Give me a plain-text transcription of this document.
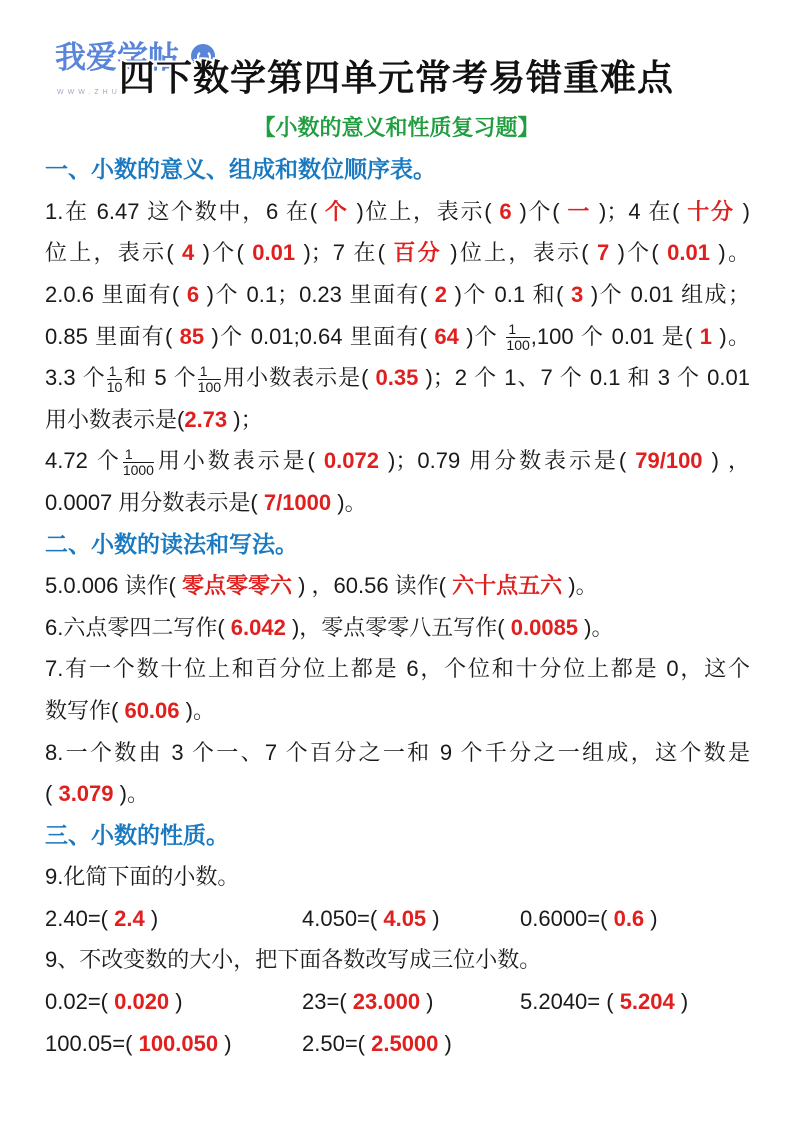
我爱学帖
WWW.ZHUI
四下数学第四单元常考易错重难点
【小数的意义和性质复习题】
一、小数的意义、组成和数位顺序表。
1.在 6.47 这个数中，6 在( 个 )位上，表示( 6 )个( 一 )；4 在( 十分 )
位上，表示( 4 )个( 0.01 )；7 在( 百分 )位上，表示( 7 )个( 0.01 )。
2.0.6 里面有( 6 )个 0.1；0.23 里面有( 2 )个 0.1 和( 3 )个 0.01 组成；
0.85 里面有( 85 )个 0.01;0.64 里面有( 64 )个 $\frac{1}{100} ,100$ 个 0.01 是( 1 )。
3.3 个 $\frac{1}{10}$ 和 5 个 $\frac{1}{100}$ 用小数表示是( 0.35 )；2 个 1、7 个 0.1 和 3 个 0.01
用小数表示是(2.73 )；
4.72 个 $\frac{1}{1000}$ 用小数表示是( 0.072 )；0.79 用分数表示是( 79/100 ) ，
0.0007 用分数表示是( 7/1000 )。
二、小数的读法和写法。
5.0.006 读作( 零点零零六 ) ，60.56 读作( 六十点五六 )。
6.六点零四二写作( 6.042 )，零点零零八五写作( 0.0085 )。
7.有一个数十位上和百分位上都是 6，个位和十分位上都是 0，这个
数写作( 60.06 )。
8.一个数由 3 个一、7 个百分之一和 9 个千分之一组成，这个数是
( 3.079 )。
三、小数的性质。
9.化简下面的小数。
2.40=( 2.4 )	4.050=( 4.05 )	0.6000=( 0.6 )
9、不改变数的大小，把下面各数改写成三位小数。
0.02=( 0.020 )	23=( 23.000 )	5.2040= ( 5.204 )
100.05=( 100.050 )	2.50=( 2.5000 )
